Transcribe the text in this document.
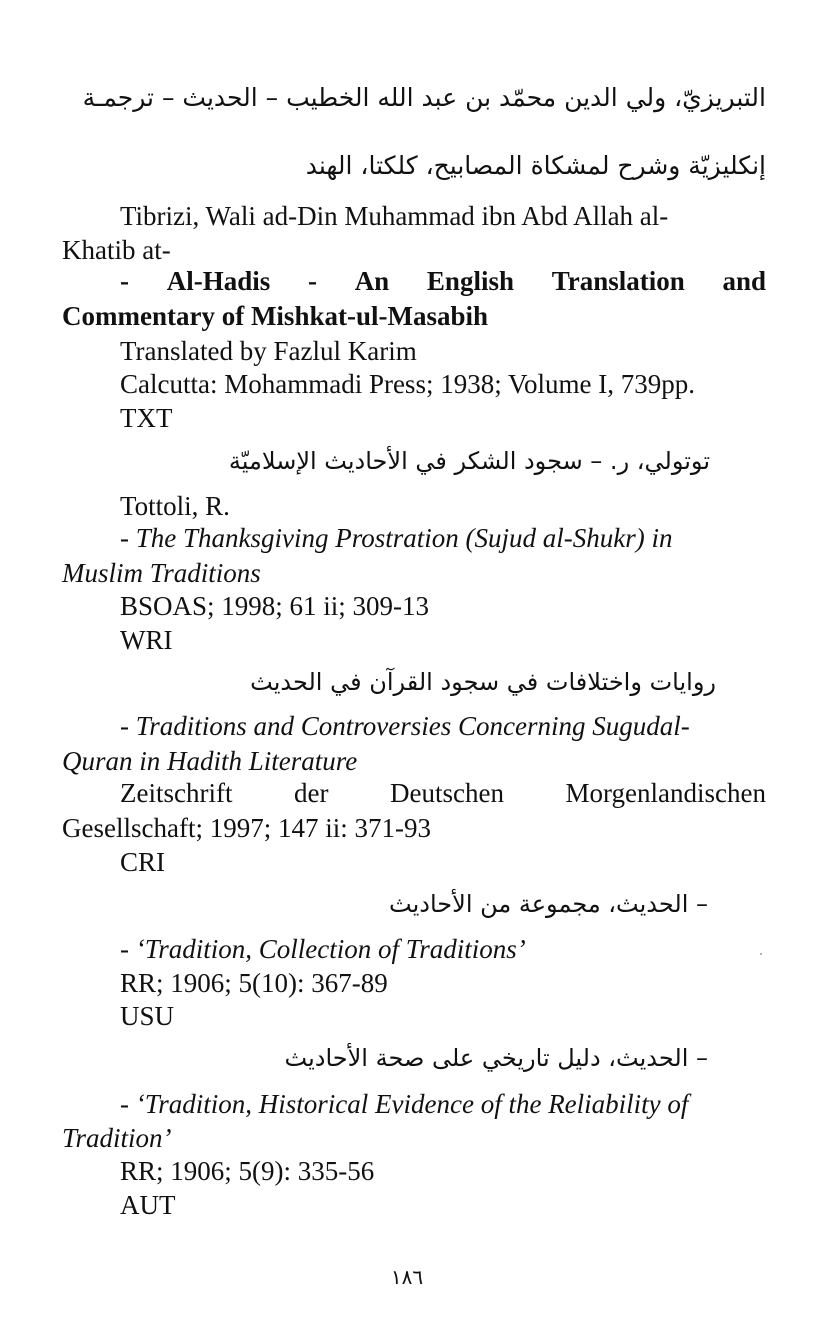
التبريزيّ، ولي الدين محمّد بن عبد الله الخطيب – الحديث – ترجمـة
إنكليزيّة وشرح لمشكاة المصابيح، كلكتا، الهند
Tibrizi, Wali ad-Din Muhammad ibn Abd Allah al-
Khatib at-
- Al-Hadis - An English Translation and
Commentary of Mishkat-ul-Masabih
Translated by Fazlul Karim
Calcutta: Mohammadi Press; 1938; Volume I, 739pp.
TXT
توتولي، ر. – سجود الشكر في الأحاديث الإسلاميّة
Tottoli, R.
- The Thanksgiving Prostration (Sujud al-Shukr) in
Muslim Traditions
BSOAS; 1998; 61 ii; 309-13
WRI
روايات واختلافات في سجود القرآن في الحديث
- Traditions and Controversies Concerning Sugudal-
Quran in Hadith Literature
Zeitschrift der Deutschen Morgenlandischen
Gesellschaft; 1997; 147 ii: 371-93
CRI
– الحديث، مجموعة من الأحاديث
- ‘Tradition, Collection of Traditions’
RR; 1906; 5(10): 367-89
USU
– الحديث، دليل تاريخي على صحة الأحاديث
- ‘Tradition, Historical Evidence of the Reliability of
Tradition’
RR; 1906; 5(9): 335-56
AUT
١٨٦
